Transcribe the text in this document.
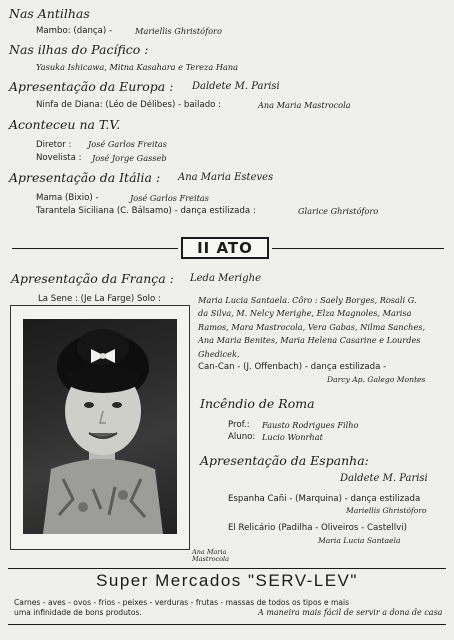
Nas Antilhas
Mambo: (dança) -	Mariellis Ghristóforo
Nas ilhas do Pacífico :
Yasuka Ishicawa, Mitna Kasahara e Tereza Hana
Apresentação da Europa : Daldete M. Parisi
Ninfa de Diana: (Léo de Délibes) - bailado :	Ana Maria Mastrocola
Aconteceu na T.V.
Diretor : José Garlos Freitas
Novelista : José Jorge Gasseb
Apresentação da Itália : Ana Maria Esteves
Mama (Bixio) -	José Garlos Freitas
Tarantela Siciliana (C. Bálsamo) - dança estilizada :	Glarice Ghristóforo
II ATO
Apresentação da França : Leda Merighe
La Sene : (Je La Farge) Solo :	Maria Lucia Santaela. Côro : Saely Borges, Rosali G.
da Silva, M. Nelcy Merighe, Elza Magnoles, Marisa
Ramos, Mara Mastrocola, Vera Gabas, Nilma Sanches,
Ana Maria Benites, Maria Helena Casarine e Lourdes
Ghedicek.
Can-Can - (J. Offenbach) - dança estilizada -
Darcy Ap. Galego Montes
Ana Maria
Mastrocola
Incêndio de Roma
Prof.: Fausto Rodrigues Filho
Aluno: Lucio Wonrhat
Apresentação da Espanha:
Daldete M. Parisi
Espanha Cañi - (Marquina) - dança estilizada
Mariellis Ghristóforo
El Relicário (Padilha - Oliveiros - Castellvi)
Maria Lucia Santaela
Super Mercados "SERV-LEV"
Carnes - aves - ovos - frios - peixes - verduras - frutas - massas de todos os tipos e mais
uma infinidade de bons produtos.	A maneira mais fácil de servir a dona de casa
